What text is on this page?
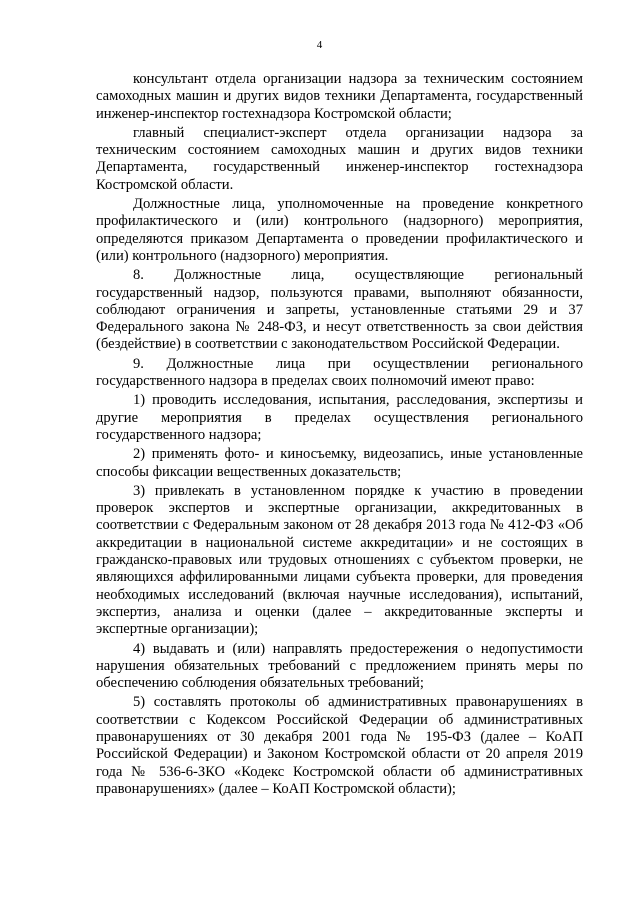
4

консультант отдела организации надзора за техническим состоянием самоходных машин и других видов техники Департамента, государственный инженер-инспектор гостехнадзора Костромской области;

главный специалист-эксперт отдела организации надзора за техническим состоянием самоходных машин и других видов техники Департамента, государственный инженер-инспектор гостехнадзора Костромской области.

Должностные лица, уполномоченные на проведение конкретного профилактического и (или) контрольного (надзорного) мероприятия, определяются приказом Департамента о проведении профилактического и (или) контрольного (надзорного) мероприятия.

8. Должностные лица, осуществляющие региональный государственный надзор, пользуются правами, выполняют обязанности, соблюдают ограничения и запреты, установленные статьями 29 и 37 Федерального закона № 248-ФЗ, и несут ответственность за свои действия (бездействие) в соответствии с законодательством Российской Федерации.

9. Должностные лица при осуществлении регионального государственного надзора в пределах своих полномочий имеют право:

1) проводить исследования, испытания, расследования, экспертизы и другие мероприятия в пределах осуществления регионального государственного надзора;

2) применять фото- и киносъемку, видеозапись, иные установленные способы фиксации вещественных доказательств;

3) привлекать в установленном порядке к участию в проведении проверок экспертов и экспертные организации, аккредитованных в соответствии с Федеральным законом от 28 декабря 2013 года № 412-ФЗ «Об аккредитации в национальной системе аккредитации» и не состоящих в гражданско-правовых или трудовых отношениях с субъектом проверки, не являющихся аффилированными лицами субъекта проверки, для проведения необходимых исследований (включая научные исследования), испытаний, экспертиз, анализа и оценки (далее – аккредитованные эксперты и экспертные организации);

4) выдавать и (или) направлять предостережения о недопустимости нарушения обязательных требований с предложением принять меры по обеспечению соблюдения обязательных требований;

5) составлять протоколы об административных правонарушениях в соответствии с Кодексом Российской Федерации об административных правонарушениях от 30 декабря 2001 года № 195-ФЗ (далее – КоАП Российской Федерации) и Законом Костромской области от 20 апреля 2019 года № 536-6-ЗКО «Кодекс Костромской области об административных правонарушениях» (далее – КоАП Костромской области);
